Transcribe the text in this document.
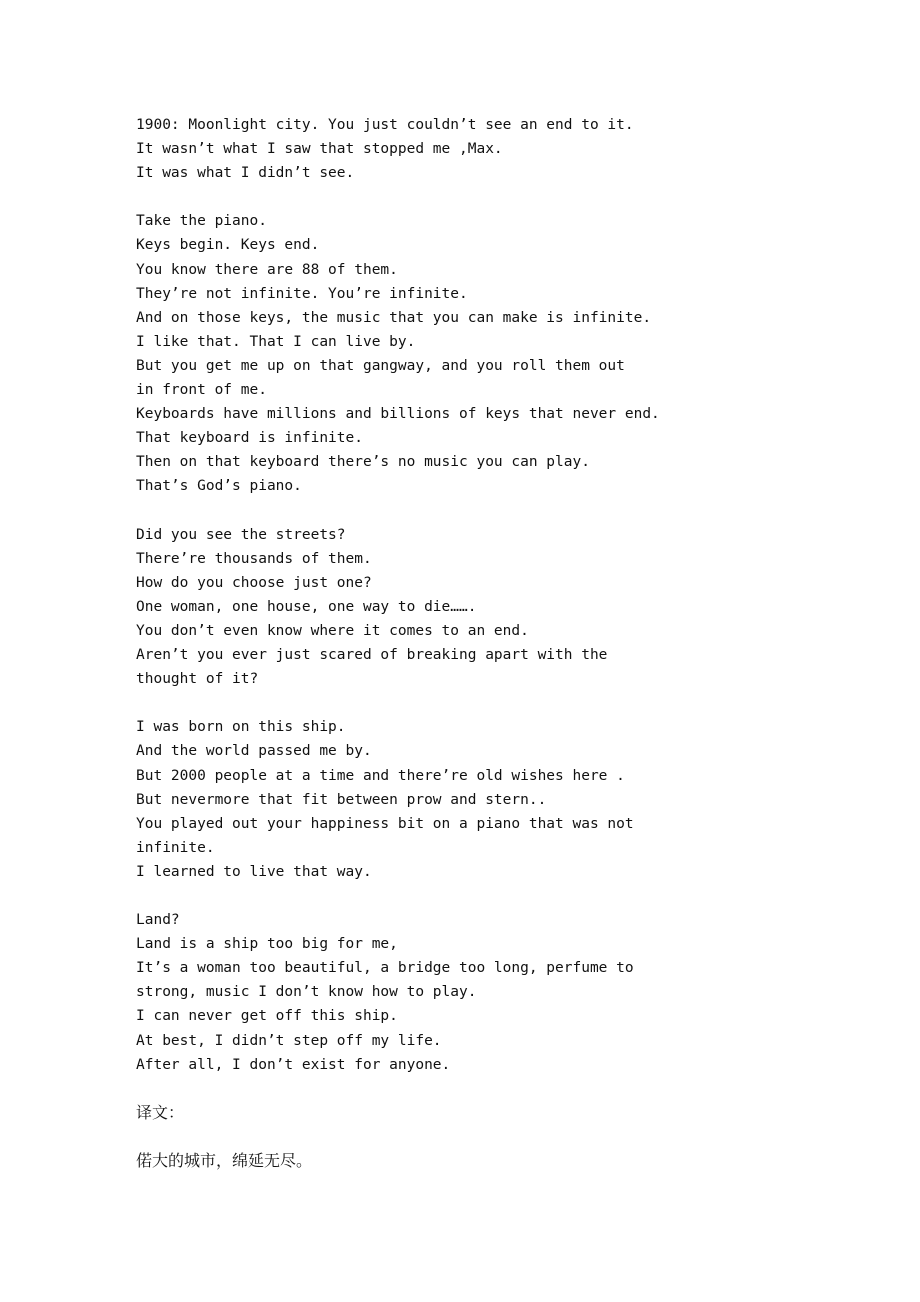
1900: Moonlight city. You just couldn’t see an end to it.
It wasn’t what I saw that stopped me ,Max.
It was what I didn’t see.
Take the piano.
Keys begin. Keys end.
You know there are 88 of them.
They’re not infinite. You’re infinite.
And on those keys, the music that you can make is infinite.
I like that. That I can live by.
But you get me up on that gangway, and you roll them out
in front of me.
Keyboards have millions and billions of keys that never end.
That keyboard is infinite.
Then on that keyboard there’s no music you can play.
That’s God’s piano.
Did you see the streets?
There’re thousands of them.
How do you choose just one?
One woman, one house, one way to die…….
You don’t even know where it comes to an end.
Aren’t you ever just scared of breaking apart with the
thought of it?
I was born on this ship.
And the world passed me by.
But 2000 people at a time and there’re old wishes here .
But nevermore that fit between prow and stern..
You played out your happiness bit on a piano that was not
infinite.
I learned to live that way.
Land?
Land is a ship too big for me,
It’s a woman too beautiful, a bridge too long, perfume to
strong, music I don’t know how to play.
I can never get off this ship.
At best, I didn’t step off my life.
After all, I don’t exist for anyone.
译文：
偌大的城市，绵延无尽。
